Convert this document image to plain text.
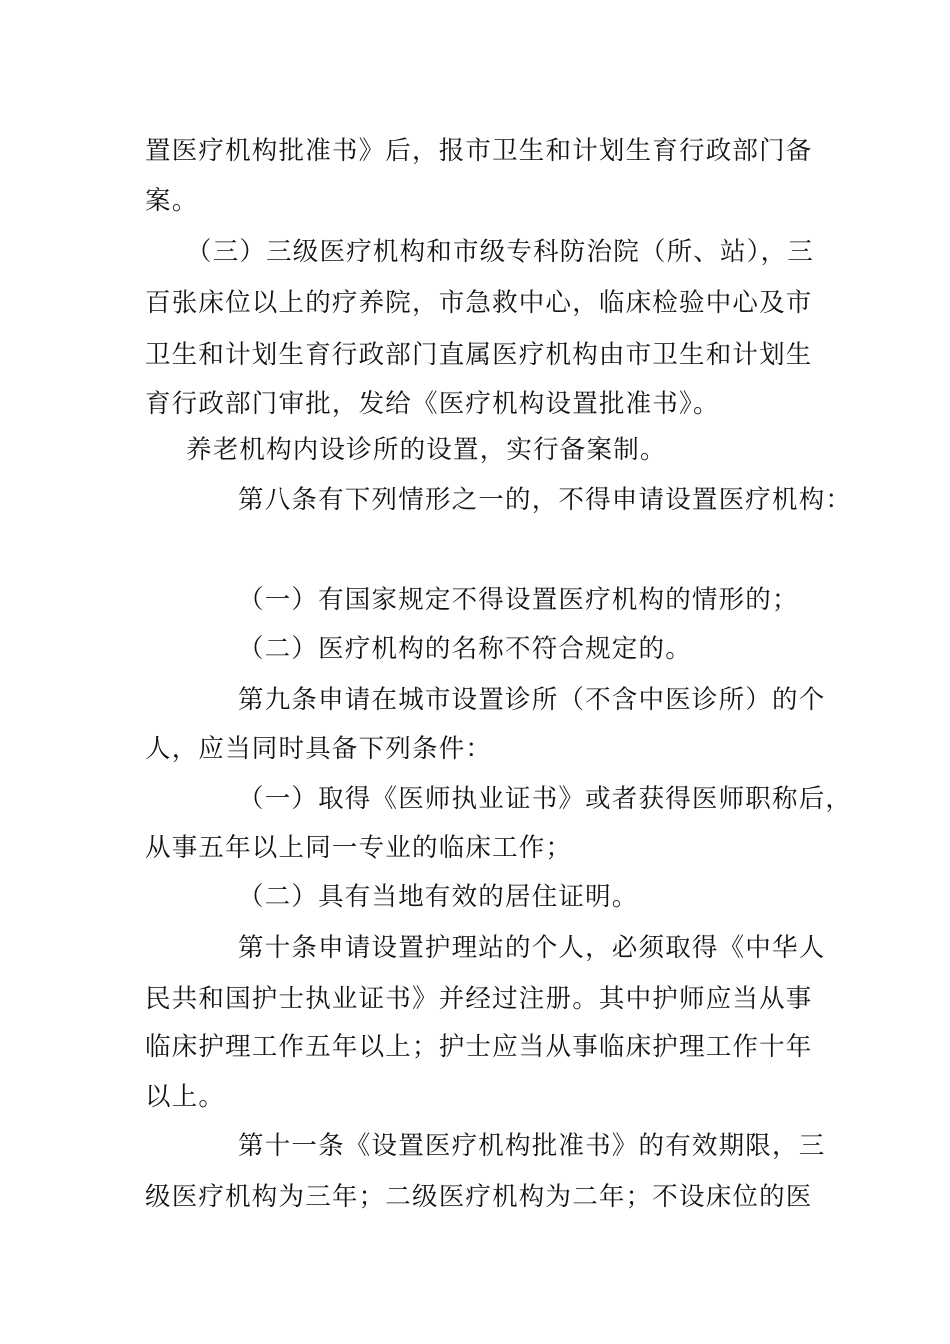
置医疗机构批准书》后，报市卫生和计划生育行政部门备
案。
（三）三级医疗机构和市级专科防治院（所、站），三
百张床位以上的疗养院，市急救中心，临床检验中心及市
卫生和计划生育行政部门直属医疗机构由市卫生和计划生
育行政部门审批，发给《医疗机构设置批准书》。
养老机构内设诊所的设置，实行备案制。
第八条有下列情形之一的，不得申请设置医疗机构：
（一）有国家规定不得设置医疗机构的情形的；
（二）医疗机构的名称不符合规定的。
第九条申请在城市设置诊所（不含中医诊所）的个
人，应当同时具备下列条件：
（一）取得《医师执业证书》或者获得医师职称后，
从事五年以上同一专业的临床工作；
（二）具有当地有效的居住证明。
第十条申请设置护理站的个人，必须取得《中华人
民共和国护士执业证书》并经过注册。其中护师应当从事
临床护理工作五年以上；护士应当从事临床护理工作十年
以上。
第十一条《设置医疗机构批准书》的有效期限，三
级医疗机构为三年；二级医疗机构为二年；不设床位的医
